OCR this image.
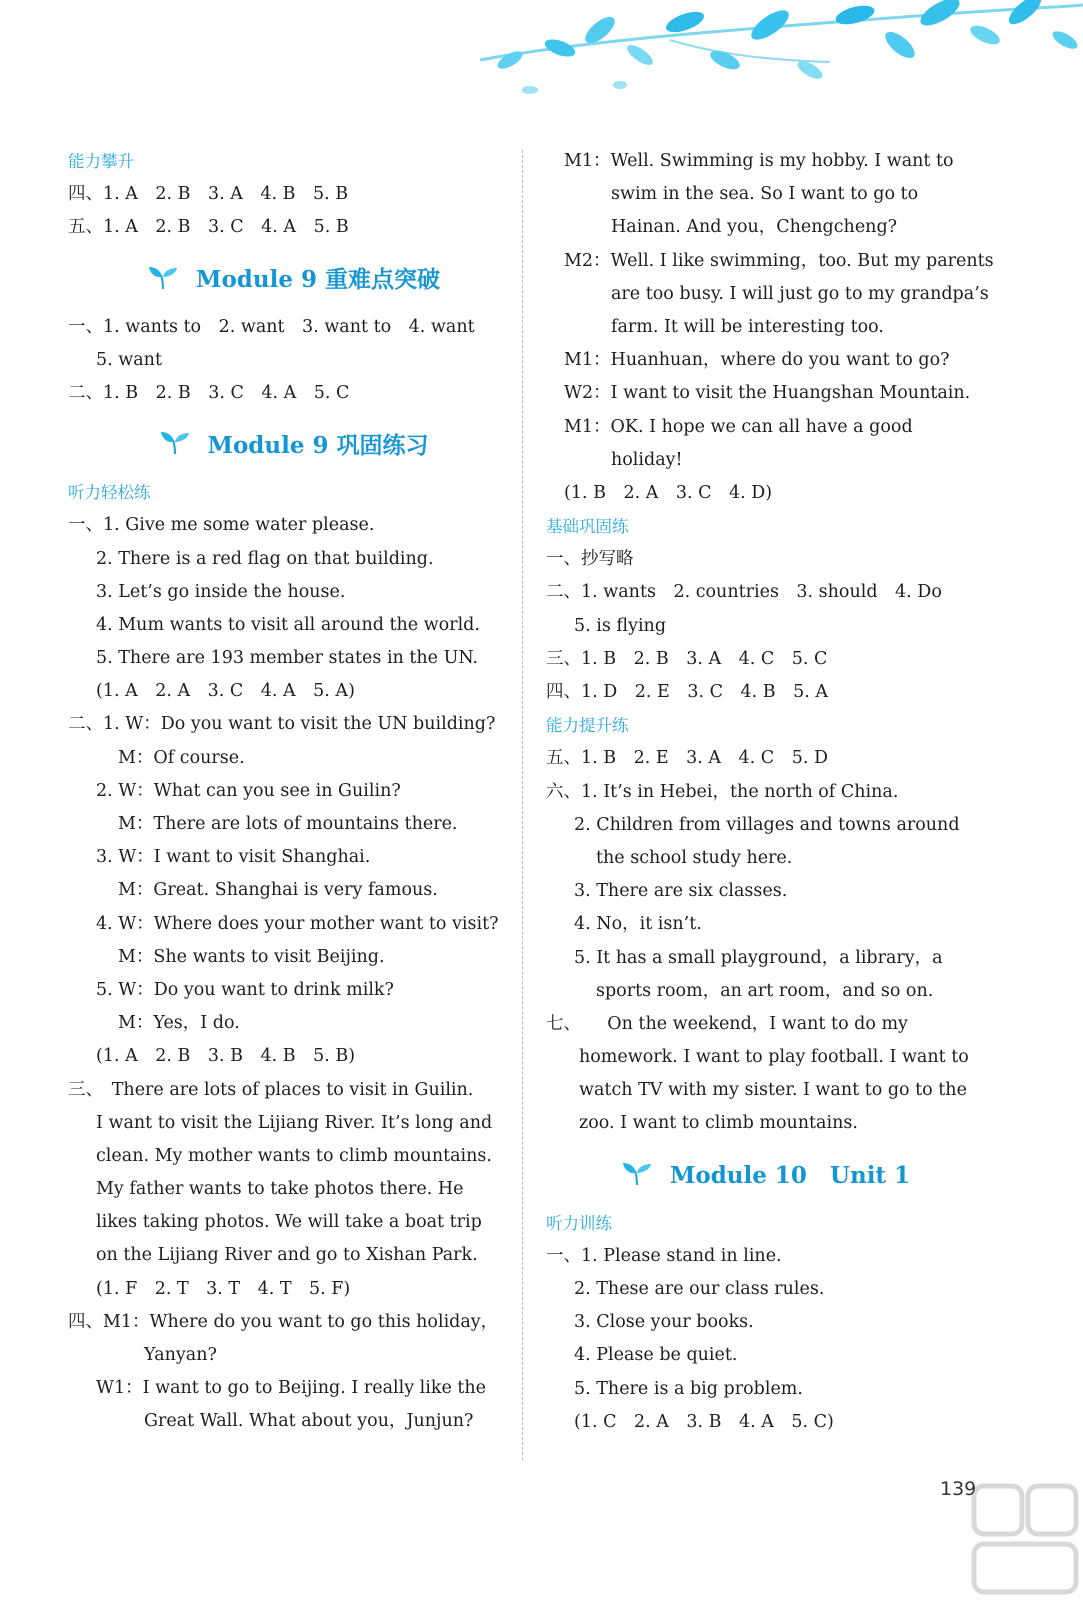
能力攀升
四、1. A　2. B　3. A　4. B　5. B
五、1. A　2. B　3. C　4. A　5. B
Module 9 重难点突破
一、1. wants to　2. want　3. want to　4. want
5. want
二、1. B　2. B　3. C　4. A　5. C
Module 9 巩固练习
听力轻松练
一、1. Give me some water please.
2. There is a red flag on that building.
3. Let’s go inside the house.
4. Mum wants to visit all around the world.
5. There are 193 member states in the UN.
(1. A　2. A　3. C　4. A　5. A)
二、1. W：Do you want to visit the UN building?
M：Of course.
2. W：What can you see in Guilin?
M：There are lots of mountains there.
3. W：I want to visit Shanghai.
M：Great. Shanghai is very famous.
4. W：Where does your mother want to visit?
M：She wants to visit Beijing.
5. W：Do you want to drink milk?
M：Yes，I do.
(1. A　2. B　3. B　4. B　5. B)
三、　There are lots of places to visit in Guilin.
I want to visit the Lijiang River. It’s long and
clean. My mother wants to climb mountains.
My father wants to take photos there. He
likes taking photos. We will take a boat trip
on the Lijiang River and go to Xishan Park.
(1. F　2. T　3. T　4. T　5. F)
四、M1：Where do you want to go this holiday，
Yanyan?
W1：I want to go to Beijing. I really like the
Great Wall. What about you，Junjun?
M1：Well. Swimming is my hobby. I want to
swim in the sea. So I want to go to
Hainan. And you，Chengcheng?
M2：Well. I like swimming，too. But my parents
are too busy. I will just go to my grandpa’s
farm. It will be interesting too.
M1：Huanhuan，where do you want to go?
W2：I want to visit the Huangshan Mountain.
M1：OK. I hope we can all have a good
holiday!
(1. B　2. A　3. C　4. D)
基础巩固练
一、抄写略
二、1. wants　2. countries　3. should　4. Do
5. is flying
三、1. B　2. B　3. A　4. C　5. C
四、1. D　2. E　3. C　4. B　5. A
能力提升练
五、1. B　2. E　3. A　4. C　5. D
六、1. It’s in Hebei，the north of China.
2. Children from villages and towns around
the school study here.
3. There are six classes.
4. No，it isn’t.
5. It has a small playground，a library，a
sports room，an art room，and so on.
七、　　On the weekend，I want to do my
homework. I want to play football. I want to
watch TV with my sister. I want to go to the
zoo. I want to climb mountains.
Module 10　Unit 1
听力训练
一、1. Please stand in line.
2. These are our class rules.
3. Close your books.
4. Please be quiet.
5. There is a big problem.
(1. C　2. A　3. B　4. A　5. C)
139
